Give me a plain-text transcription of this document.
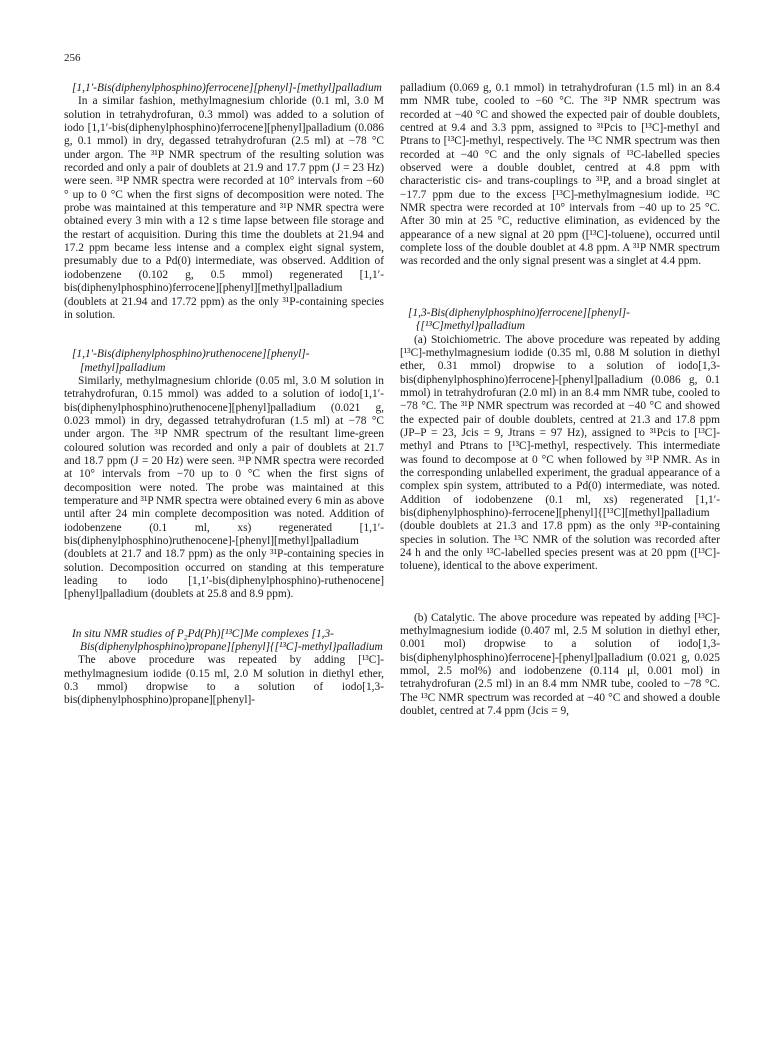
256

[1,1′-Bis(diphenylphosphino)ferrocene][phenyl]-[methyl]palladium

In a similar fashion, methylmagnesium chloride (0.1 ml, 3.0 M solution in tetrahydrofuran, 0.3 mmol) was added to a solution of iodo [1,1′-bis(diphenylphosphino)ferrocene][phenyl]palladium (0.086 g, 0.1 mmol) in dry, degassed tetrahydrofuran (2.5 ml) at −78 °C under argon. The ³¹P NMR spectrum of the resulting solution was recorded and only a pair of doublets at 21.9 and 17.7 ppm (J = 23 Hz) were seen. ³¹P NMR spectra were recorded at 10° intervals from −60 ° up to 0 °C when the first signs of decomposition were noted. The probe was maintained at this temperature and ³¹P NMR spectra were obtained every 3 min with a 12 s time lapse between file storage and the restart of acquisition. During this time the doublets at 21.94 and 17.2 ppm became less intense and a complex eight signal system, presumably due to a Pd(0) intermediate, was observed. Addition of iodobenzene (0.102 g, 0.5 mmol) regenerated [1,1′-bis(diphenylphosphino)ferrocene][phenyl][methyl]palladium (doublets at 21.94 and 17.72 ppm) as the only ³¹P-containing species in solution.

[1,1′-Bis(diphenylphosphino)ruthenocene][phenyl]-[methyl]palladium

Similarly, methylmagnesium chloride (0.05 ml, 3.0 M solution in tetrahydrofuran, 0.15 mmol) was added to a solution of iodo[1,1′-bis(diphenylphosphino)ruthenocene][phenyl]palladium (0.021 g, 0.023 mmol) in dry, degassed tetrahydrofuran (1.5 ml) at −78 °C under argon. The ³¹P NMR spectrum of the resultant lime-green coloured solution was recorded and only a pair of doublets at 21.7 and 18.7 ppm (J = 20 Hz) were seen. ³¹P NMR spectra were recorded at 10° intervals from −70 up to 0 °C when the first signs of decomposition were noted. The probe was maintained at this temperature and ³¹P NMR spectra were obtained every 6 min as above until after 24 min complete decomposition was noted. Addition of iodobenzene (0.1 ml, xs) regenerated [1,1′-bis(diphenylphosphino)ruthenocene]-[phenyl][methyl]palladium (doublets at 21.7 and 18.7 ppm) as the only ³¹P-containing species in solution. Decomposition occurred on standing at this temperature leading to iodo [1,1′-bis(diphenylphosphino)-ruthenocene][phenyl]palladium (doublets at 25.8 and 8.9 ppm).

In situ NMR studies of P₂Pd(Ph)[¹³C]Me complexes [1,3-Bis(diphenylphosphino)propane][phenyl]{[¹³C]-methyl}palladium

The above procedure was repeated by adding [¹³C]-methylmagnesium iodide (0.15 ml, 2.0 M solution in diethyl ether, 0.3 mmol) dropwise to a solution of iodo[1,3-bis(diphenylphosphino)propane][phenyl]-

palladium (0.069 g, 0.1 mmol) in tetrahydrofuran (1.5 ml) in an 8.4 mm NMR tube, cooled to −60 °C. The ³¹P NMR spectrum was recorded at −40 °C and showed the expected pair of double doublets, centred at 9.4 and 3.3 ppm, assigned to ³¹Pcis to [¹³C]-methyl and Ptrans to [¹³C]-methyl, respectively. The ¹³C NMR spectrum was then recorded at −40 °C and the only signals of ¹³C-labelled species observed were a double doublet, centred at 4.8 ppm with characteristic cis- and trans-couplings to ³¹P, and a broad singlet at −17.7 ppm due to the excess [¹³C]-methylmagnesium iodide. ¹³C NMR spectra were recorded at 10° intervals from −40 up to 25 °C. After 30 min at 25 °C, reductive elimination, as evidenced by the appearance of a new signal at 20 ppm ([¹³C]-toluene), occurred until complete loss of the double doublet at 4.8 ppm. A ³¹P NMR spectrum was recorded and the only signal present was a singlet at 4.4 ppm.

[1,3-Bis(diphenylphosphino)ferrocene][phenyl]-{[¹³C]methyl}palladium

(a) Stoichiometric. The above procedure was repeated by adding [¹³C]-methylmagnesium iodide (0.35 ml, 0.88 M solution in diethyl ether, 0.31 mmol) dropwise to a solution of iodo[1,3-bis(diphenylphosphino)ferrocene]-[phenyl]palladium (0.086 g, 0.1 mmol) in tetrahydrofuran (2.0 ml) in an 8.4 mm NMR tube, cooled to −78 °C. The ³¹P NMR spectrum was recorded at −40 °C and showed the expected pair of double doublets, centred at 21.3 and 17.8 ppm (JP–P = 23, Jcis = 9, Jtrans = 97 Hz), assigned to ³¹Pcis to [¹³C]-methyl and Ptrans to [¹³C]-methyl, respectively. This intermediate was found to decompose at 0 °C when followed by ³¹P NMR. As in the corresponding unlabelled experiment, the gradual appearance of a complex spin system, attributed to a Pd(0) intermediate, was noted. Addition of iodobenzene (0.1 ml, xs) regenerated [1,1′-bis(diphenylphosphino)-ferrocene][phenyl]{[¹³C][methyl]palladium (double doublets at 21.3 and 17.8 ppm) as the only ³¹P-containing species in solution. The ¹³C NMR of the solution was recorded after 24 h and the only ¹³C-labelled species present was at 20 ppm ([¹³C]-toluene), identical to the above experiment.

(b) Catalytic. The above procedure was repeated by adding [¹³C]-methylmagnesium iodide (0.407 ml, 2.5 M solution in diethyl ether, 0.001 mol) dropwise to a solution of iodo[1,3-bis(diphenylphosphino)ferrocene]-[phenyl]palladium (0.021 g, 0.025 mmol, 2.5 mol%) and iodobenzene (0.114 μl, 0.001 mol) in tetrahydrofuran (2.5 ml) in an 8.4 mm NMR tube, cooled to −78 °C. The ¹³C NMR spectrum was recorded at −40 °C and showed a double doublet, centred at 7.4 ppm (Jcis = 9,
